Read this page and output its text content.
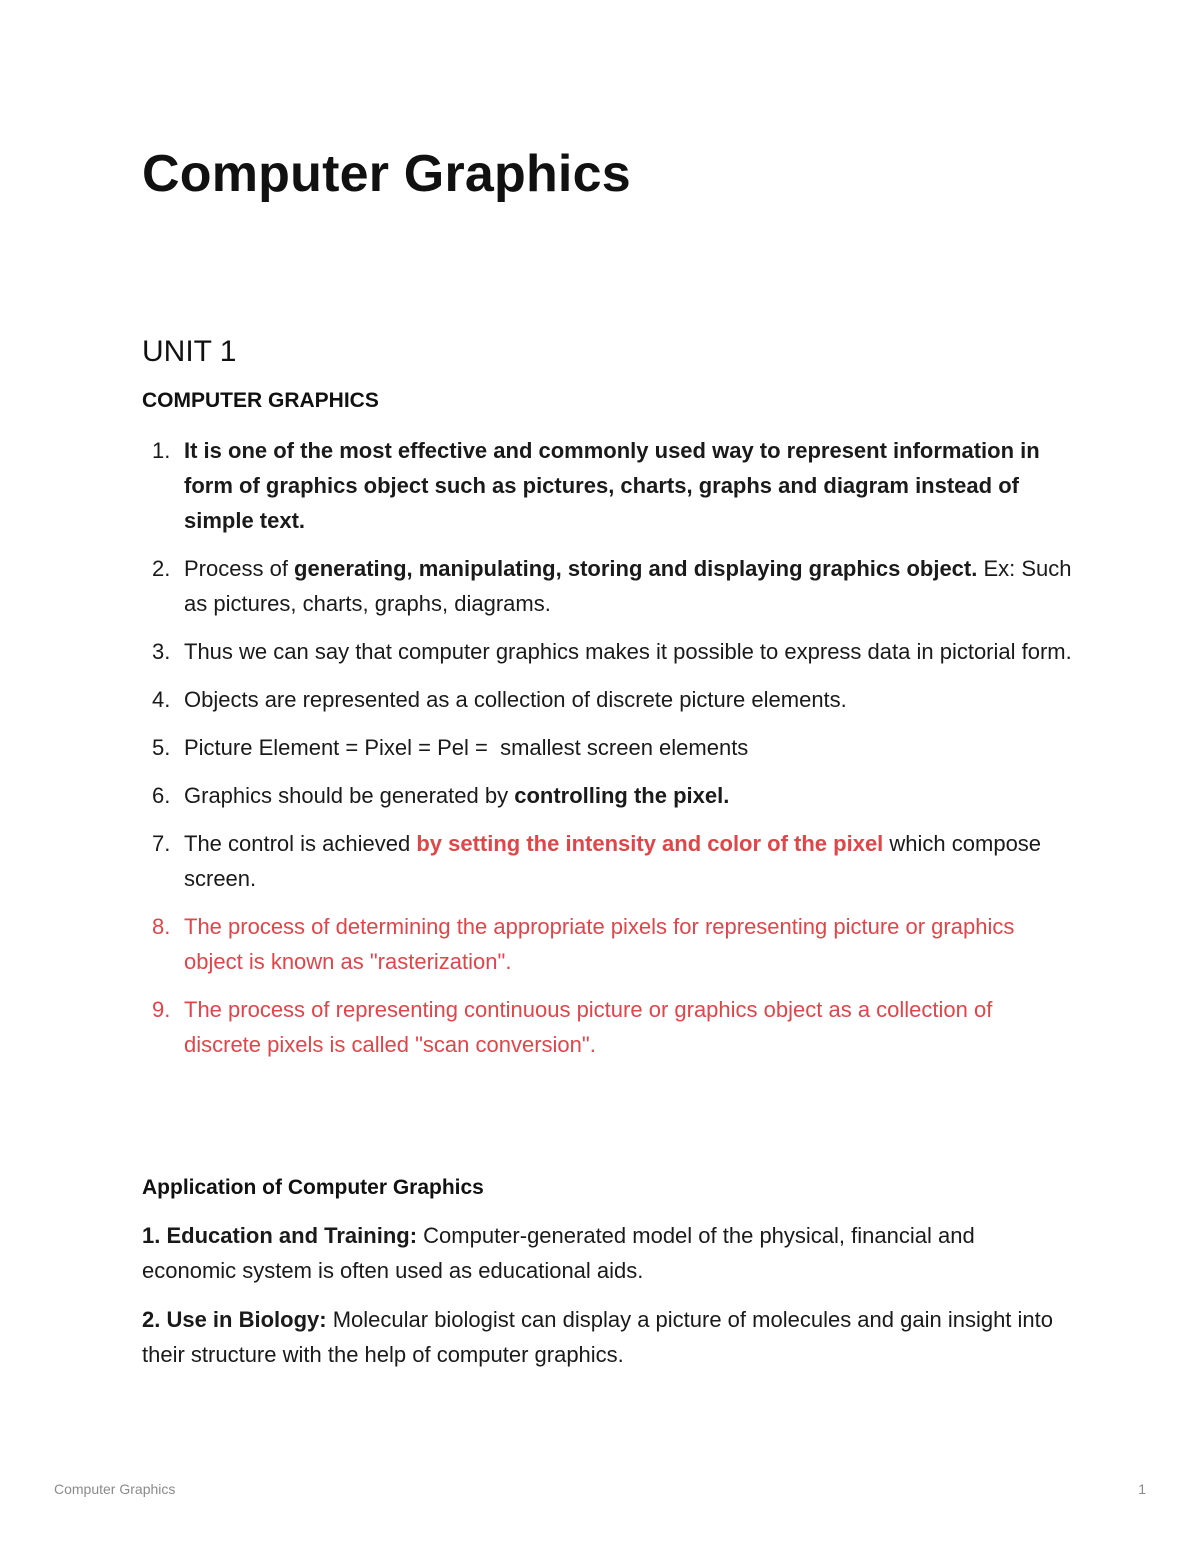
Computer Graphics
UNIT 1
COMPUTER GRAPHICS
1. It is one of the most effective and commonly used way to represent information in form of graphics object such as pictures, charts, graphs and diagram instead of simple text.
2. Process of generating, manipulating, storing and displaying graphics object. Ex: Such as pictures, charts, graphs, diagrams.
3. Thus we can say that computer graphics makes it possible to express data in pictorial form.
4. Objects are represented as a collection of discrete picture elements.
5. Picture Element = Pixel = Pel =  smallest screen elements
6. Graphics should be generated by controlling the pixel.
7. The control is achieved by setting the intensity and color of the pixel which compose screen.
8. The process of determining the appropriate pixels for representing picture or graphics object is known as "rasterization".
9. The process of representing continuous picture or graphics object as a collection of discrete pixels is called "scan conversion".
Application of Computer Graphics

1. Education and Training: Computer-generated model of the physical, financial and economic system is often used as educational aids.

2. Use in Biology: Molecular biologist can display a picture of molecules and gain insight into their structure with the help of computer graphics.

Computer Graphics	1
